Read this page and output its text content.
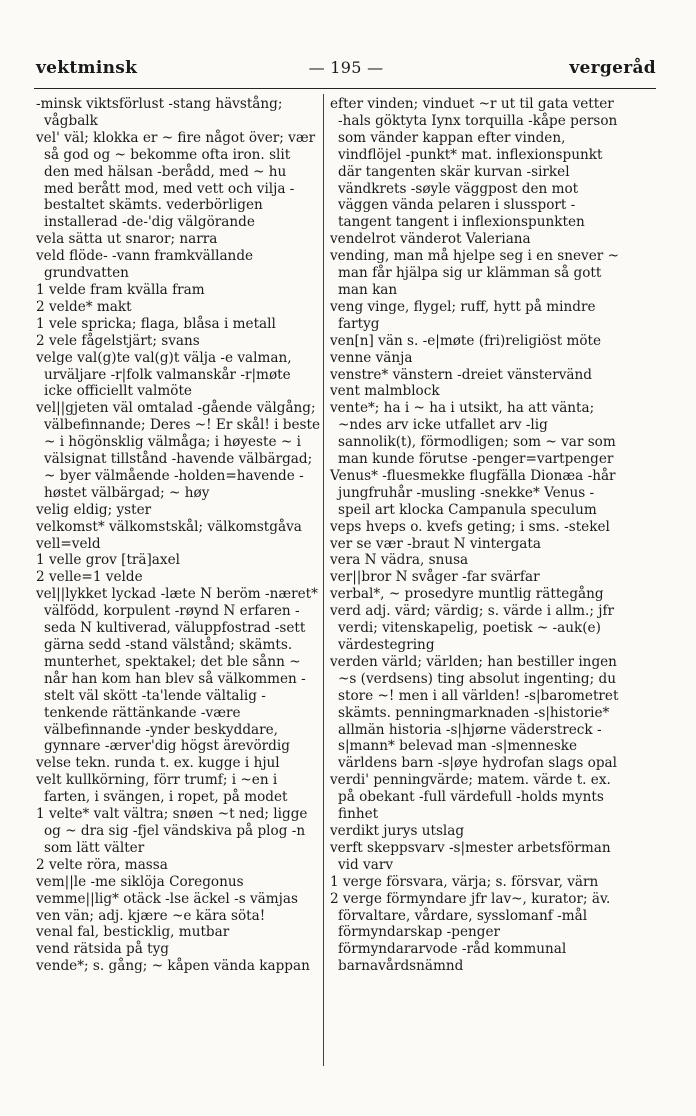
vektminsk	— 195 —	vergeråd

-minsk viktsförlust -stang hävstång; vågbalk

vel' väl; klokka er ~ fire något över; vær så god og ~ bekomme ofta iron. slit den med hälsan -berådd, med ~ hu med berått mod, med vett och vilja -bestaltet skämts. vederbörligen installerad -de-'dig välgörande

vela sätta ut snaror; narra

veld flöde- -vann framkvällande grundvatten

1 velde fram kvälla fram

2 velde* makt

1 vele spricka; flaga, blåsa i metall

2 vele fågelstjärt; svans

velge val(g)te val(g)t välja -e valman, urväljare -r|folk valmanskår -r|møte icke officiellt valmöte

vel||gjeten väl omtalad -gående välgång; välbefinnande; Deres ~! Er skål! i beste ~ i högönsklig välmåga; i høyeste ~ i välsignat tillstånd -havende välbärgad; ~ byer välmående -holden=havende -høstet välbärgad; ~ høy

velig eldig; yster

velkomst* välkomstskål; välkomstgåva

vell=veld

1 velle grov [trä]axel

2 velle=1 velde

vel||lykket lyckad -læte N beröm -næret* välfödd, korpulent -røynd N erfaren -seda N kultiverad, väluppfostrad -sett gärna sedd -stand välstånd; skämts. munterhet, spektakel; det ble sånn ~ når han kom han blev så välkommen -stelt väl skött -ta'lende vältalig -tenkende rättänkande -være välbefinnande -ynder beskyddare, gynnare -ærver'dig högst ärevördig

velse tekn. runda t. ex. kugge i hjul

velt kullkörning, förr trumf; i ~en i farten, i svängen, i ropet, på modet

1 velte* valt vältra; snøen ~t ned; ligge og ~ dra sig -fjel vändskiva på plog -n som lätt välter

2 velte röra, massa

vem||le -me siklöja Coregonus

vemme||lig* otäck -lse äckel -s vämjas

ven vän; adj. kjære ~e kära söta!

venal fal, besticklig, mutbar

vend rätsida på tyg

vende*; s. gång; ~ kåpen vända kappan

efter vinden; vinduet ~r ut til gata vetter -hals göktyta Iynx torquilla -kåpe person som vänder kappan efter vinden, vindflöjel -punkt* mat. inflexionspunkt där tangenten skär kurvan -sirkel vändkrets -søyle väggpost den mot väggen vända pelaren i slussport -tangent tangent i inflexionspunkten

vendelrot vänderot Valeriana

vending, man må hjelpe seg i en snever ~ man får hjälpa sig ur klämman så gott man kan

veng vinge, flygel; ruff, hytt på mindre fartyg

ven[n] vän s. -e|møte (fri)religiöst möte

venne vänja

venstre* vänstern -dreiet vänstervänd

vent malmblock

vente*; ha i ~ ha i utsikt, ha att vänta; ~ndes arv icke utfallet arv -lig sannolik(t), förmodligen; som ~ var som man kunde förutse -penger=vartpenger

Venus* -fluesmekke flugfälla Dionæa -hår jungfruhår -musling -snekke* Venus -speil art klocka Campanula speculum

veps hveps o. kvefs geting; i sms. -stekel

ver se vær -braut N vintergata

vera N vädra, snusa

ver||bror N svåger -far svärfar

verbal*, ~ prosedyre muntlig rättegång

verd adj. värd; värdig; s. värde i allm.; jfr verdi; vitenskapelig, poetisk ~ -auk(e) värdestegring

verden värld; världen; han bestiller ingen ~s (verdsens) ting absolut ingenting; du store ~! men i all världen! -s|barometret skämts. penningmarknaden -s|historie* allmän historia -s|hjørne väderstreck -s|mann* belevad man -s|menneske världens barn -s|øye hydrofan slags opal

verdi' penningvärde; matem. värde t. ex. på obekant -full värdefull -holds mynts finhet

verdikt jurys utslag

verft skeppsvarv -s|mester arbetsförman vid varv

1 verge försvara, värja; s. försvar, värn

2 verge förmyndare jfr lav~, kurator; äv. förvaltare, vårdare, sysslomanf -mål förmyndarskap -penger förmyndararvode -råd kommunal barnavårdsnämnd
